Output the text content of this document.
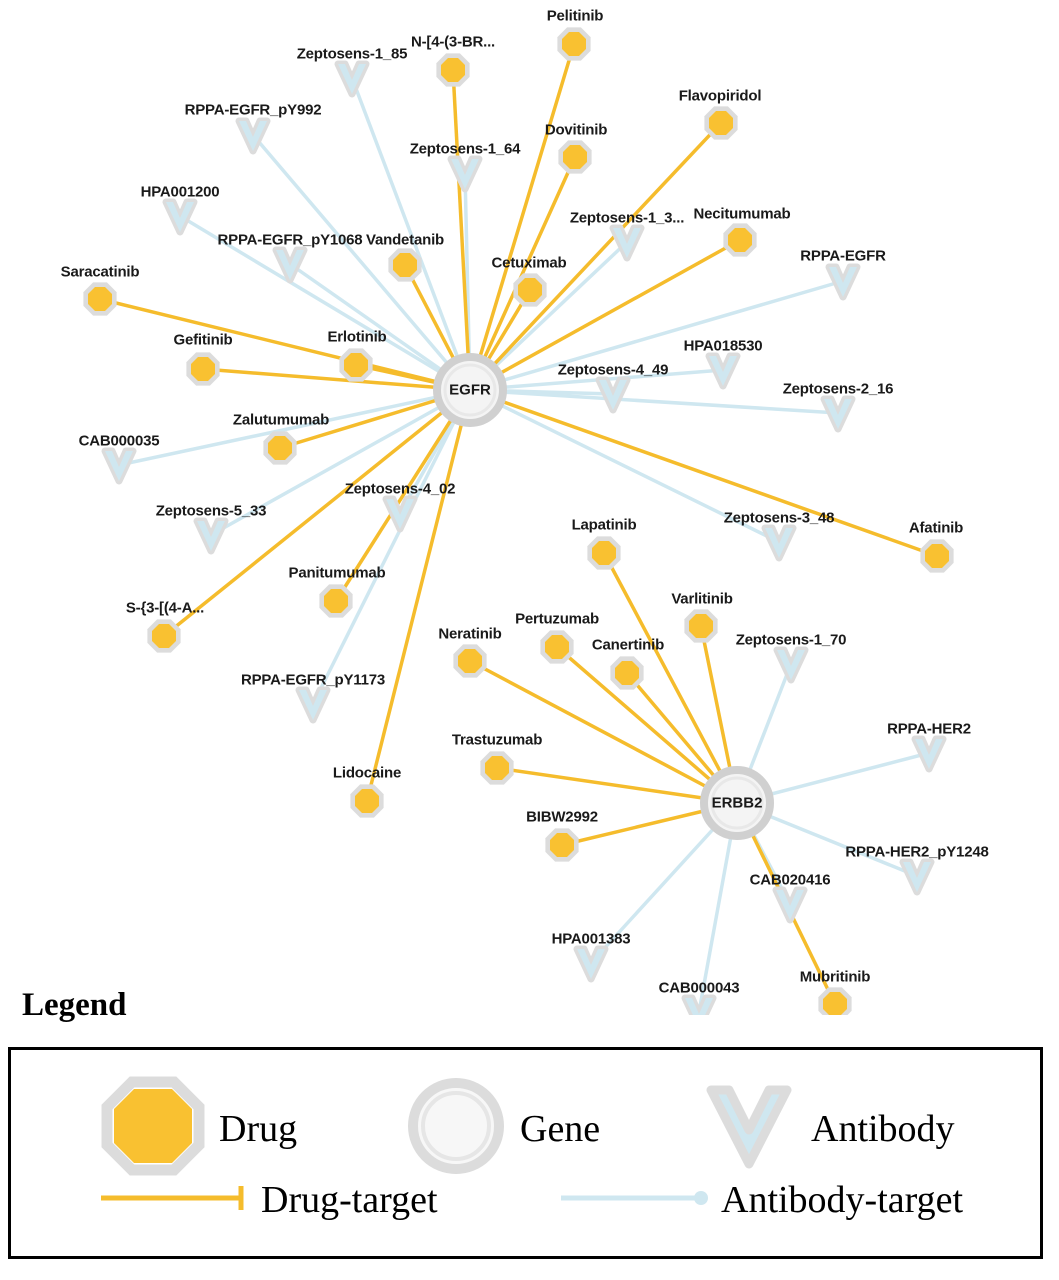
Zeptosens-1_85
RPPA-EGFR_pY992
Zeptosens-1_64
HPA001200
Zeptosens-1_3...
RPPA-EGFR_pY1068
RPPA-EGFR
HPA018530
Zeptosens-4_49
Zeptosens-2_16
CAB000035
Zeptosens-4_02
Zeptosens-5_33	Zeptosens-3_48
Zeptosens-1_70
RPPA-EGFR_pY1173
RPPA-HER2
RPPA-HER2_pY1248
CAB020416
HPA001383
CAB000043
Pelitinib
N-[4-(3-BR...
Flavopiridol
Dovitinib
Necitumumab
Vandetanib
Cetuximab
Saracatinib
Gefitinib	Erlotinib
Zalutumumab
Afatinib
Lapatinib
Varlitinib
Panitumumab
S-{3-[(4-A...
Pertuzumab
Neratinib
Canertinib
Trastuzumab
Lidocaine
BIBW2992
Mubritinib
EGFR
ERBB2
Legend
Drug	Gene	Antibody
Drug-target	Antibody-target
